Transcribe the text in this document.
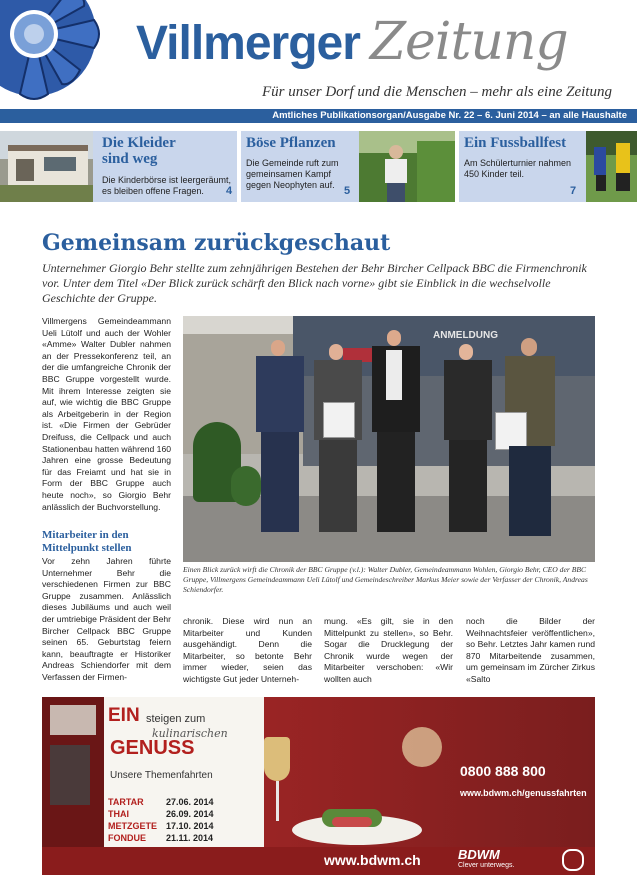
Villmerger Zeitung
Für unser Dorf und die Menschen – mehr als eine Zeitung
Amtliches Publikationsorgan/Ausgabe Nr. 22 – 6. Juni 2014 – an alle Haushalte
Die Kleider
sind weg

Die Kinderbörse ist leergeräumt,
es bleiben offene Fragen.	4
Böse Pflanzen

Die Gemeinde ruft zum
gemeinsamen Kampf
gegen Neophyten auf. 5
Ein Fussballfest

Am Schülerturnier nahmen
450 Kinder teil.

7
Gemeinsam zurückgeschaut
Unternehmer Giorgio Behr stellte zum zehnjährigen Bestehen der Behr Bircher Cellpack BBC die Firmenchronik vor. Unter dem Titel «Der Blick zurück schärft den Blick nach vorne» gibt sie Einblick in die wechselvolle Geschichte der Gruppe.
Villmergens Gemeindeammann Ueli Lütolf und auch der Wohler «Amme» Walter Dubler nahmen an der Pressekonferenz teil, an der die umfangreiche Chronik der BBC Gruppe vorgestellt wurde. Mit ihrem Interesse zeigten sie auf, wie wichtig die BBC Gruppe als Arbeitgeberin in der Region ist. «Die Firmen der Gebrüder Dreifuss, die Cellpack und auch Stationenbau hatten während 160 Jahren eine grosse Bedeutung für das Freiamt und hat sie in Form der BBC Gruppe auch heute noch», so Giorgio Behr anlässlich der Buchvorstellung.
Mitarbeiter in den
Mittelpunkt stellen
Vor zehn Jahren führte Unternehmer Behr die verschiedenen Firmen zur BBC Gruppe zusammen. Anlässlich dieses Jubiläums und auch weil der umtriebige Präsident der Behr Bircher Cellpack BBC Gruppe seinen 65. Geburtstag feiern kann, beauftragte er Historiker Andreas Schiendorfer mit dem Verfassen der Firmen-
ANMELDUNG
Einen Blick zurück wirft die Chronik der BBC Gruppe (v.l.): Walter Dubler, Gemeindeammann Wohlen, Giorgio Behr, CEO der BBC Gruppe, Villmergens Gemeindeammann Ueli Lütolf und Gemeindeschreiber Markus Meier sowie der Verfasser der Chronik, Andreas Schiendorfer.
chronik. Diese wird nun an Mitarbeiter und Kunden ausgehändigt. Denn die Mitarbeiter, so betonte Behr immer wieder, seien das wichtigste Gut jeder Unterneh-
mung. «Es gilt, sie in den Mittelpunkt zu stellen», so Behr. Sogar die Drucklegung der Chronik wurde wegen der Mitarbeiter verschoben: «Wir wollten auch
noch die Bilder der Weihnachtsfeier veröffentlichen», so Behr. Letztes Jahr kamen rund 870 Mitarbeitende zusammen, um gemeinsam im Zürcher Zirkus «Salto
EIN steigen zum
kulinarischen
GENUSS
Unsere Themenfahrten
TARTAR 27.06. 2014
THAI	26.09. 2014
METZGETE 17.10. 2014
FONDUE 21.11. 2014
0800 888 800
www.bdwm.ch/genussfahrten
www.bdwm.ch	BDWM
Clever unterwegs.
